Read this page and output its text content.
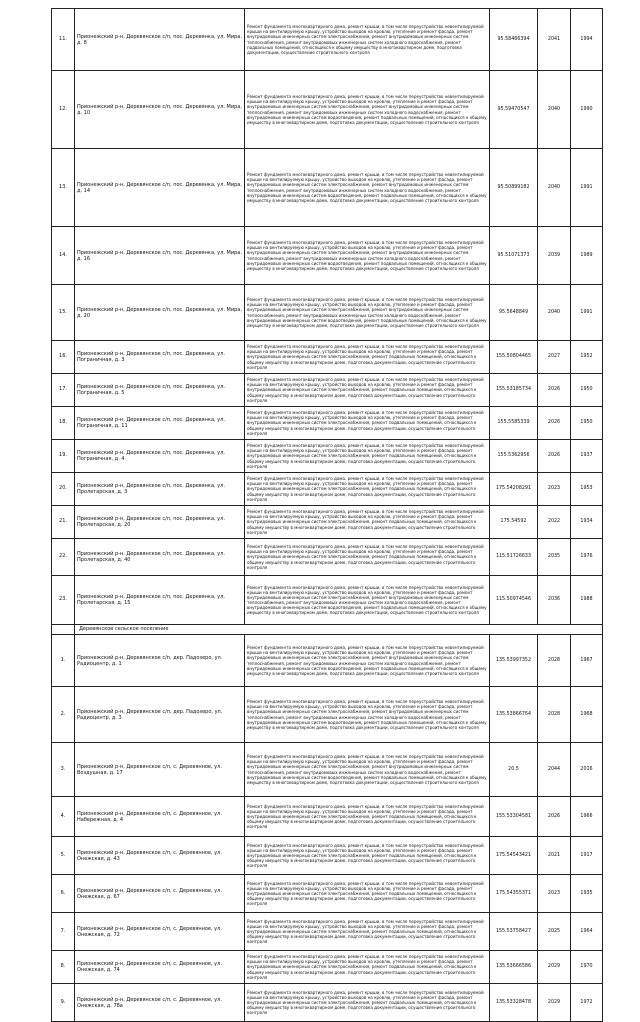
11.	Прионежский р-н, Деревянское с/п, пос. Деревянка, ул. Мира, д. 8	Ремонт фундамента многоквартирного дома, ремонт крыши, в том числе переустройство невентилируемой крыши на вентилируемую крышу, устройство выходов на кровлю, утепление и ремонт фасада, ремонт внутридомовых инженерных систем электроснабжения, ремонт внутридомовых инженерных систем теплоснабжения, ремонт внутридомовых инженерных систем холодного водоснабжения, ремонт подвальных помещений, относящихся к общему имуществу в многоквартирном доме, подготовка документации, осуществление строительного контроля	95.58466394	2041	1994
12.	Прионежский р-н, Деревянское с/п, пос. Деревянка, ул. Мира, д. 10	Ремонт фундамента многоквартирного дома, ремонт крыши, в том числе переустройство невентилируемой крыши на вентилируемую крышу, устройство выходов на кровлю, утепление и ремонт фасада, ремонт внутридомовых инженерных систем электроснабжения, ремонт внутридомовых инженерных систем теплоснабжения, ремонт внутридомовых инженерных систем холодного водоснабжения, ремонт внутридомовых инженерных систем водоотведения, ремонт подвальных помещений, относящихся к общему имуществу в многоквартирном доме, подготовка документации, осуществление строительного контроля	95.59470547	2040	1990
13.	Прионежский р-н, Деревянское с/п, пос. Деревянка, ул. Мира, д. 14	Ремонт фундамента многоквартирного дома, ремонт крыши, в том числе переустройство невентилируемой крыши на вентилируемую крышу, устройство выходов на кровлю, утепление и ремонт фасада, ремонт внутридомовых инженерных систем электроснабжения, ремонт внутридомовых инженерных систем теплоснабжения, ремонт внутридомовых инженерных систем холодного водоснабжения, ремонт внутридомовых инженерных систем водоотведения, ремонт подвальных помещений, относящихся к общему имуществу в многоквартирном доме, подготовка документации, осуществление строительного контроля	95.50899182	2040	1991
14.	Прионежский р-н, Деревянское с/п, пос. Деревянка, ул. Мира, д. 16	Ремонт фундамента многоквартирного дома, ремонт крыши, в том числе переустройство невентилируемой крыши на вентилируемую крышу, устройство выходов на кровлю, утепление и ремонт фасада, ремонт внутридомовых инженерных систем электроснабжения, ремонт внутридомовых инженерных систем теплоснабжения, ремонт внутридомовых инженерных систем холодного водоснабжения, ремонт внутридомовых инженерных систем водоотведения, ремонт подвальных помещений, относящихся к общему имуществу в многоквартирном доме, подготовка документации, осуществление строительного контроля	95.51071373	2039	1989
15.	Прионежский р-н, Деревянское с/п, пос. Деревянка, ул. Мира, д. 20	Ремонт фундамента многоквартирного дома, ремонт крыши, в том числе переустройство невентилируемой крыши на вентилируемую крышу, устройство выходов на кровлю, утепление и ремонт фасада, ремонт внутридомовых инженерных систем электроснабжения, ремонт внутридомовых инженерных систем теплоснабжения, ремонт внутридомовых инженерных систем холодного водоснабжения, ремонт внутридомовых инженерных систем водоотведения, ремонт подвальных помещений, относящихся к общему имуществу в многоквартирном доме, подготовка документации, осуществление строительного контроля	95.5648849	2040	1991
16.	Прионежский р-н, Деревянское с/п, пос. Деревянка, ул. Пограничная, д. 3	Ремонт фундамента многоквартирного дома, ремонт крыши, в том числе переустройство невентилируемой крыши на вентилируемую крышу, устройство выходов на кровлю, утепление и ремонт фасада, ремонт внутридомовых инженерных систем электроснабжения, ремонт подвальных помещений, относящихся к общему имуществу в многоквартирном доме, подготовка документации, осуществление строительного контроля	155.50804465	2027	1952
17.	Прионежский р-н, Деревянское с/п, пос. Деревянка, ул. Пограничная, д. 5	Ремонт фундамента многоквартирного дома, ремонт крыши, в том числе переустройство невентилируемой крыши на вентилируемую крышу, устройство выходов на кровлю, утепление и ремонт фасада, ремонт внутридомовых инженерных систем электроснабжения, ремонт подвальных помещений, относящихся к общему имуществу в многоквартирном доме, подготовка документации, осуществление строительного контроля	155.53185734	2026	1950
18.	Прионежский р-н, Деревянское с/п, пос. Деревянка, ул. Пограничная, д. 11	Ремонт фундамента многоквартирного дома, ремонт крыши, в том числе переустройство невентилируемой крыши на вентилируемую крышу, устройство выходов на кровлю, утепление и ремонт фасада, ремонт внутридомовых инженерных систем электроснабжения, ремонт подвальных помещений, относящихся к общему имуществу в многоквартирном доме, подготовка документации, осуществление строительного контроля	155.5585339	2026	1950
19.	Прионежский р-н, Деревянское с/п, пос. Деревянка, ул. Пограничная, д. 4	Ремонт фундамента многоквартирного дома, ремонт крыши, в том числе переустройство невентилируемой крыши на вентилируемую крышу, устройство выходов на кровлю, утепление и ремонт фасада, ремонт внутридомовых инженерных систем электроснабжения, ремонт подвальных помещений, относящихся к общему имуществу в многоквартирном доме, подготовка документации, осуществление строительного контроля	155.5362956	2026	1937
20.	Прионежский р-н, Деревянское с/п, пос. Деревянка, ул. Пролетарская, д. 3	Ремонт фундамента многоквартирного дома, ремонт крыши, в том числе переустройство невентилируемой крыши на вентилируемую крышу, устройство выходов на кровлю, утепление и ремонт фасада, ремонт внутридомовых инженерных систем электроснабжения, ремонт подвальных помещений, относящихся к общему имуществу в многоквартирном доме, подготовка документации, осуществление строительного контроля	175.54208291	2023	1953
21.	Прионежский р-н, Деревянское с/п, пос. Деревянка, ул. Пролетарская, д. 20	Ремонт фундамента многоквартирного дома, ремонт крыши, в том числе переустройство невентилируемой крыши на вентилируемую крышу, устройство выходов на кровлю, утепление и ремонт фасада, ремонт внутридомовых инженерных систем электроснабжения, ремонт подвальных помещений, относящихся к общему имуществу в многоквартирном доме, подготовка документации, осуществление строительного контроля	175.54592	2022	1934
22.	Прионежский р-н, Деревянское с/п, пос. Деревянка, ул. Пролетарская, д. 40	Ремонт фундамента многоквартирного дома, ремонт крыши, в том числе переустройство невентилируемой крыши на вентилируемую крышу, устройство выходов на кровлю, утепление и ремонт фасада, ремонт внутридомовых инженерных систем электроснабжения, ремонт подвальных помещений, относящихся к общему имуществу в многоквартирном доме, подготовка документации, осуществление строительного контроля	115.51726633	2035	1976
23.	Прионежский р-н, Деревянское с/п, пос. Деревянка, ул. Пролетарская, д. 15	Ремонт фундамента многоквартирного дома, ремонт крыши, в том числе переустройство невентилируемой крыши на вентилируемую крышу, устройство выходов на кровлю, утепление и ремонт фасада, ремонт внутридомовых инженерных систем электроснабжения, ремонт внутридомовых инженерных систем теплоснабжения, ремонт внутридомовых инженерных систем холодного водоснабжения, ремонт внутридомовых инженерных систем водоотведения, ремонт подвальных помещений, относящихся к общему имуществу в многоквартирном доме, подготовка документации, осуществление строительного контроля	115.50974546	2036	1988
	Деревянское сельское поселение				
1.	Прионежский р-н, Деревянское с/п, дер. Падозеро, ул. Радиоцентр, д. 1	Ремонт фундамента многоквартирного дома, ремонт крыши, в том числе переустройство невентилируемой крыши на вентилируемую крышу, устройство выходов на кровлю, утепление и ремонт фасада, ремонт внутридомовых инженерных систем электроснабжения, ремонт внутридомовых инженерных систем теплоснабжения, ремонт внутридомовых инженерных систем холодного водоснабжения, ремонт внутридомовых инженерных систем водоотведения, ремонт подвальных помещений, относящихся к общему имуществу в многоквартирном доме, подготовка документации, осуществление строительного контроля	135.53997352	2028	1967
2.	Прионежский р-н, Деревянское с/п, дер. Падозеро, ул. Радиоцентр, д. 3	Ремонт фундамента многоквартирного дома, ремонт крыши, в том числе переустройство невентилируемой крыши на вентилируемую крышу, устройство выходов на кровлю, утепление и ремонт фасада, ремонт внутридомовых инженерных систем электроснабжения, ремонт внутридомовых инженерных систем теплоснабжения, ремонт внутридомовых инженерных систем холодного водоснабжения, ремонт внутридомовых инженерных систем водоотведения, ремонт подвальных помещений, относящихся к общему имуществу в многоквартирном доме, подготовка документации, осуществление строительного контроля	135.53866764	2028	1968
3.	Прионежский р-н, Деревянское с/п, с. Деревянное, ул. Воздушная, д. 17	Ремонт фундамента многоквартирного дома, ремонт крыши, в том числе переустройство невентилируемой крыши на вентилируемую крышу, устройство выходов на кровлю, утепление и ремонт фасада, ремонт внутридомовых инженерных систем электроснабжения, ремонт внутридомовых инженерных систем теплоснабжения, ремонт внутридомовых инженерных систем холодного водоснабжения, ремонт внутридомовых инженерных систем водоотведения, ремонт подвальных помещений, относящихся к общему имуществу в многоквартирном доме, подготовка документации, осуществление строительного контроля	20.5	2044	2016
4.	Прионежский р-н, Деревянское с/п, с. Деревянное, ул. Набережная, д. 4	Ремонт фундамента многоквартирного дома, ремонт крыши, в том числе переустройство невентилируемой крыши на вентилируемую крышу, устройство выходов на кровлю, утепление и ремонт фасада, ремонт внутридомовых инженерных систем электроснабжения, ремонт подвальных помещений, относящихся к общему имуществу в многоквартирном доме, подготовка документации, осуществление строительного контроля	155.53304581	2026	1966
5.	Прионежский р-н, Деревянское с/п, с. Деревянное, ул. Онежская, д. 43	Ремонт фундамента многоквартирного дома, ремонт крыши, в том числе переустройство невентилируемой крыши на вентилируемую крышу, устройство выходов на кровлю, утепление и ремонт фасада, ремонт внутридомовых инженерных систем электроснабжения, ремонт подвальных помещений, относящихся к общему имуществу в многоквартирном доме, подготовка документации, осуществление строительного контроля	175.54543421	2021	1917
6.	Прионежский р-н, Деревянское с/п, с. Деревянное, ул. Онежская, д. 67	Ремонт фундамента многоквартирного дома, ремонт крыши, в том числе переустройство невентилируемой крыши на вентилируемую крышу, устройство выходов на кровлю, утепление и ремонт фасада, ремонт внутридомовых инженерных систем электроснабжения, ремонт подвальных помещений, относящихся к общему имуществу в многоквартирном доме, подготовка документации, осуществление строительного контроля	175.54355371	2023	1935
7.	Прионежский р-н, Деревянское с/п, с. Деревянное, ул. Онежская, д. 72	Ремонт фундамента многоквартирного дома, ремонт крыши, в том числе переустройство невентилируемой крыши на вентилируемую крышу, устройство выходов на кровлю, утепление и ремонт фасада, ремонт внутридомовых инженерных систем электроснабжения, ремонт подвальных помещений, относящихся к общему имуществу в многоквартирном доме, подготовка документации, осуществление строительного контроля	155.53758427	2025	1964
8.	Прионежский р-н, Деревянское с/п, с. Деревянное, ул. Онежская, д. 74	Ремонт фундамента многоквартирного дома, ремонт крыши, в том числе переустройство невентилируемой крыши на вентилируемую крышу, устройство выходов на кровлю, утепление и ремонт фасада, ремонт внутридомовых инженерных систем электроснабжения, ремонт подвальных помещений, относящихся к общему имуществу в многоквартирном доме, подготовка документации, осуществление строительного контроля	135.53666586	2029	1970
9.	Прионежский р-н, Деревянское с/п, с. Деревянное, ул. Онежская, д. 78а	Ремонт фундамента многоквартирного дома, ремонт крыши, в том числе переустройство невентилируемой крыши на вентилируемую крышу, устройство выходов на кровлю, утепление и ремонт фасада, ремонт внутридомовых инженерных систем электроснабжения, ремонт подвальных помещений, относящихся к общему имуществу в многоквартирном доме, подготовка документации, осуществление строительного контроля	135.53328478	2029	1972
